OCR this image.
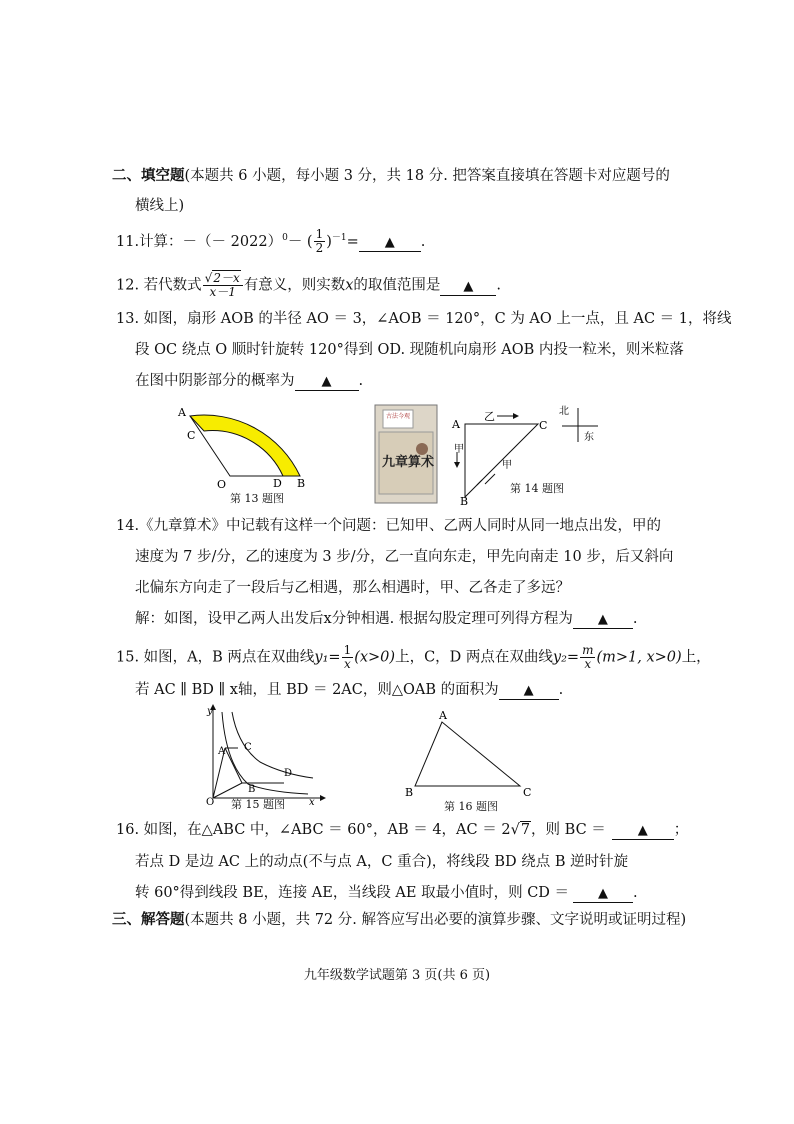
二、填空题(本题共 6 小题，每小题 3 分，共 18 分. 把答案直接填在答题卡对应题号的
横线上)
11.计算：－（－ 2022）$^0$－ ( $\frac{1}{2} )^{-1}=$ ▲ .
12. 若代数式 $\frac{√2-x}{x-1}$ 有意义，则实数x的取值范围是 ▲ .
13. 如图，扇形 AOB 的半径 AO ＝ 3，∠AOB ＝ 120°，C 为 AO 上一点，且 AC ＝ 1，将线
段 OC 绕点 O 顺时针旋转 120°得到 OD. 现随机向扇形 AOB 内投一粒米，则米粒落
在图中阴影部分的概率为 ▲ .
A
C
O	D B
第 13 题图
古法今观
九章算术
乙
A	C
甲
甲
B
北
东
第 14 题图
14.《九章算术》中记载有这样一个问题：已知甲、乙两人同时从同一地点出发，甲的
速度为 7 步/分，乙的速度为 3 步/分，乙一直向东走，甲先向南走 10 步，后又斜向
北偏东方向走了一段后与乙相遇，那么相遇时，甲、乙各走了多远？
解：如图，设甲乙两人出发后x分钟相遇. 根据勾股定理可列得方程为 ▲ .
15. 如图，A，B 两点在双曲线$y_1= \frac{1}{x} (x>0)$上，C，D 两点在双曲线$y_2= \frac{m}{x} (m>1$, x>0)上，
若 AC ∥ BD ∥ x轴，且 BD ＝ 2AC，则△OAB 的面积为 ▲ .
y
A C
D
B
O	x
第 15 题图
A
B	C
第 16 题图
16. 如图，在△ABC 中，∠ABC ＝ 60°，AB ＝ 4，AC ＝ 2√7，则 BC ＝ ▲ ；
若点 D 是边 AC 上的动点(不与点 A，C 重合)，将线段 BD 绕点 B 逆时针旋
转 60°得到线段 BE，连接 AE，当线段 AE 取最小值时，则 CD ＝ ▲ .
三、解答题(本题共 8 小题，共 72 分. 解答应写出必要的演算步骤、文字说明或证明过程)
九年级数学试题第 3 页(共 6 页)
